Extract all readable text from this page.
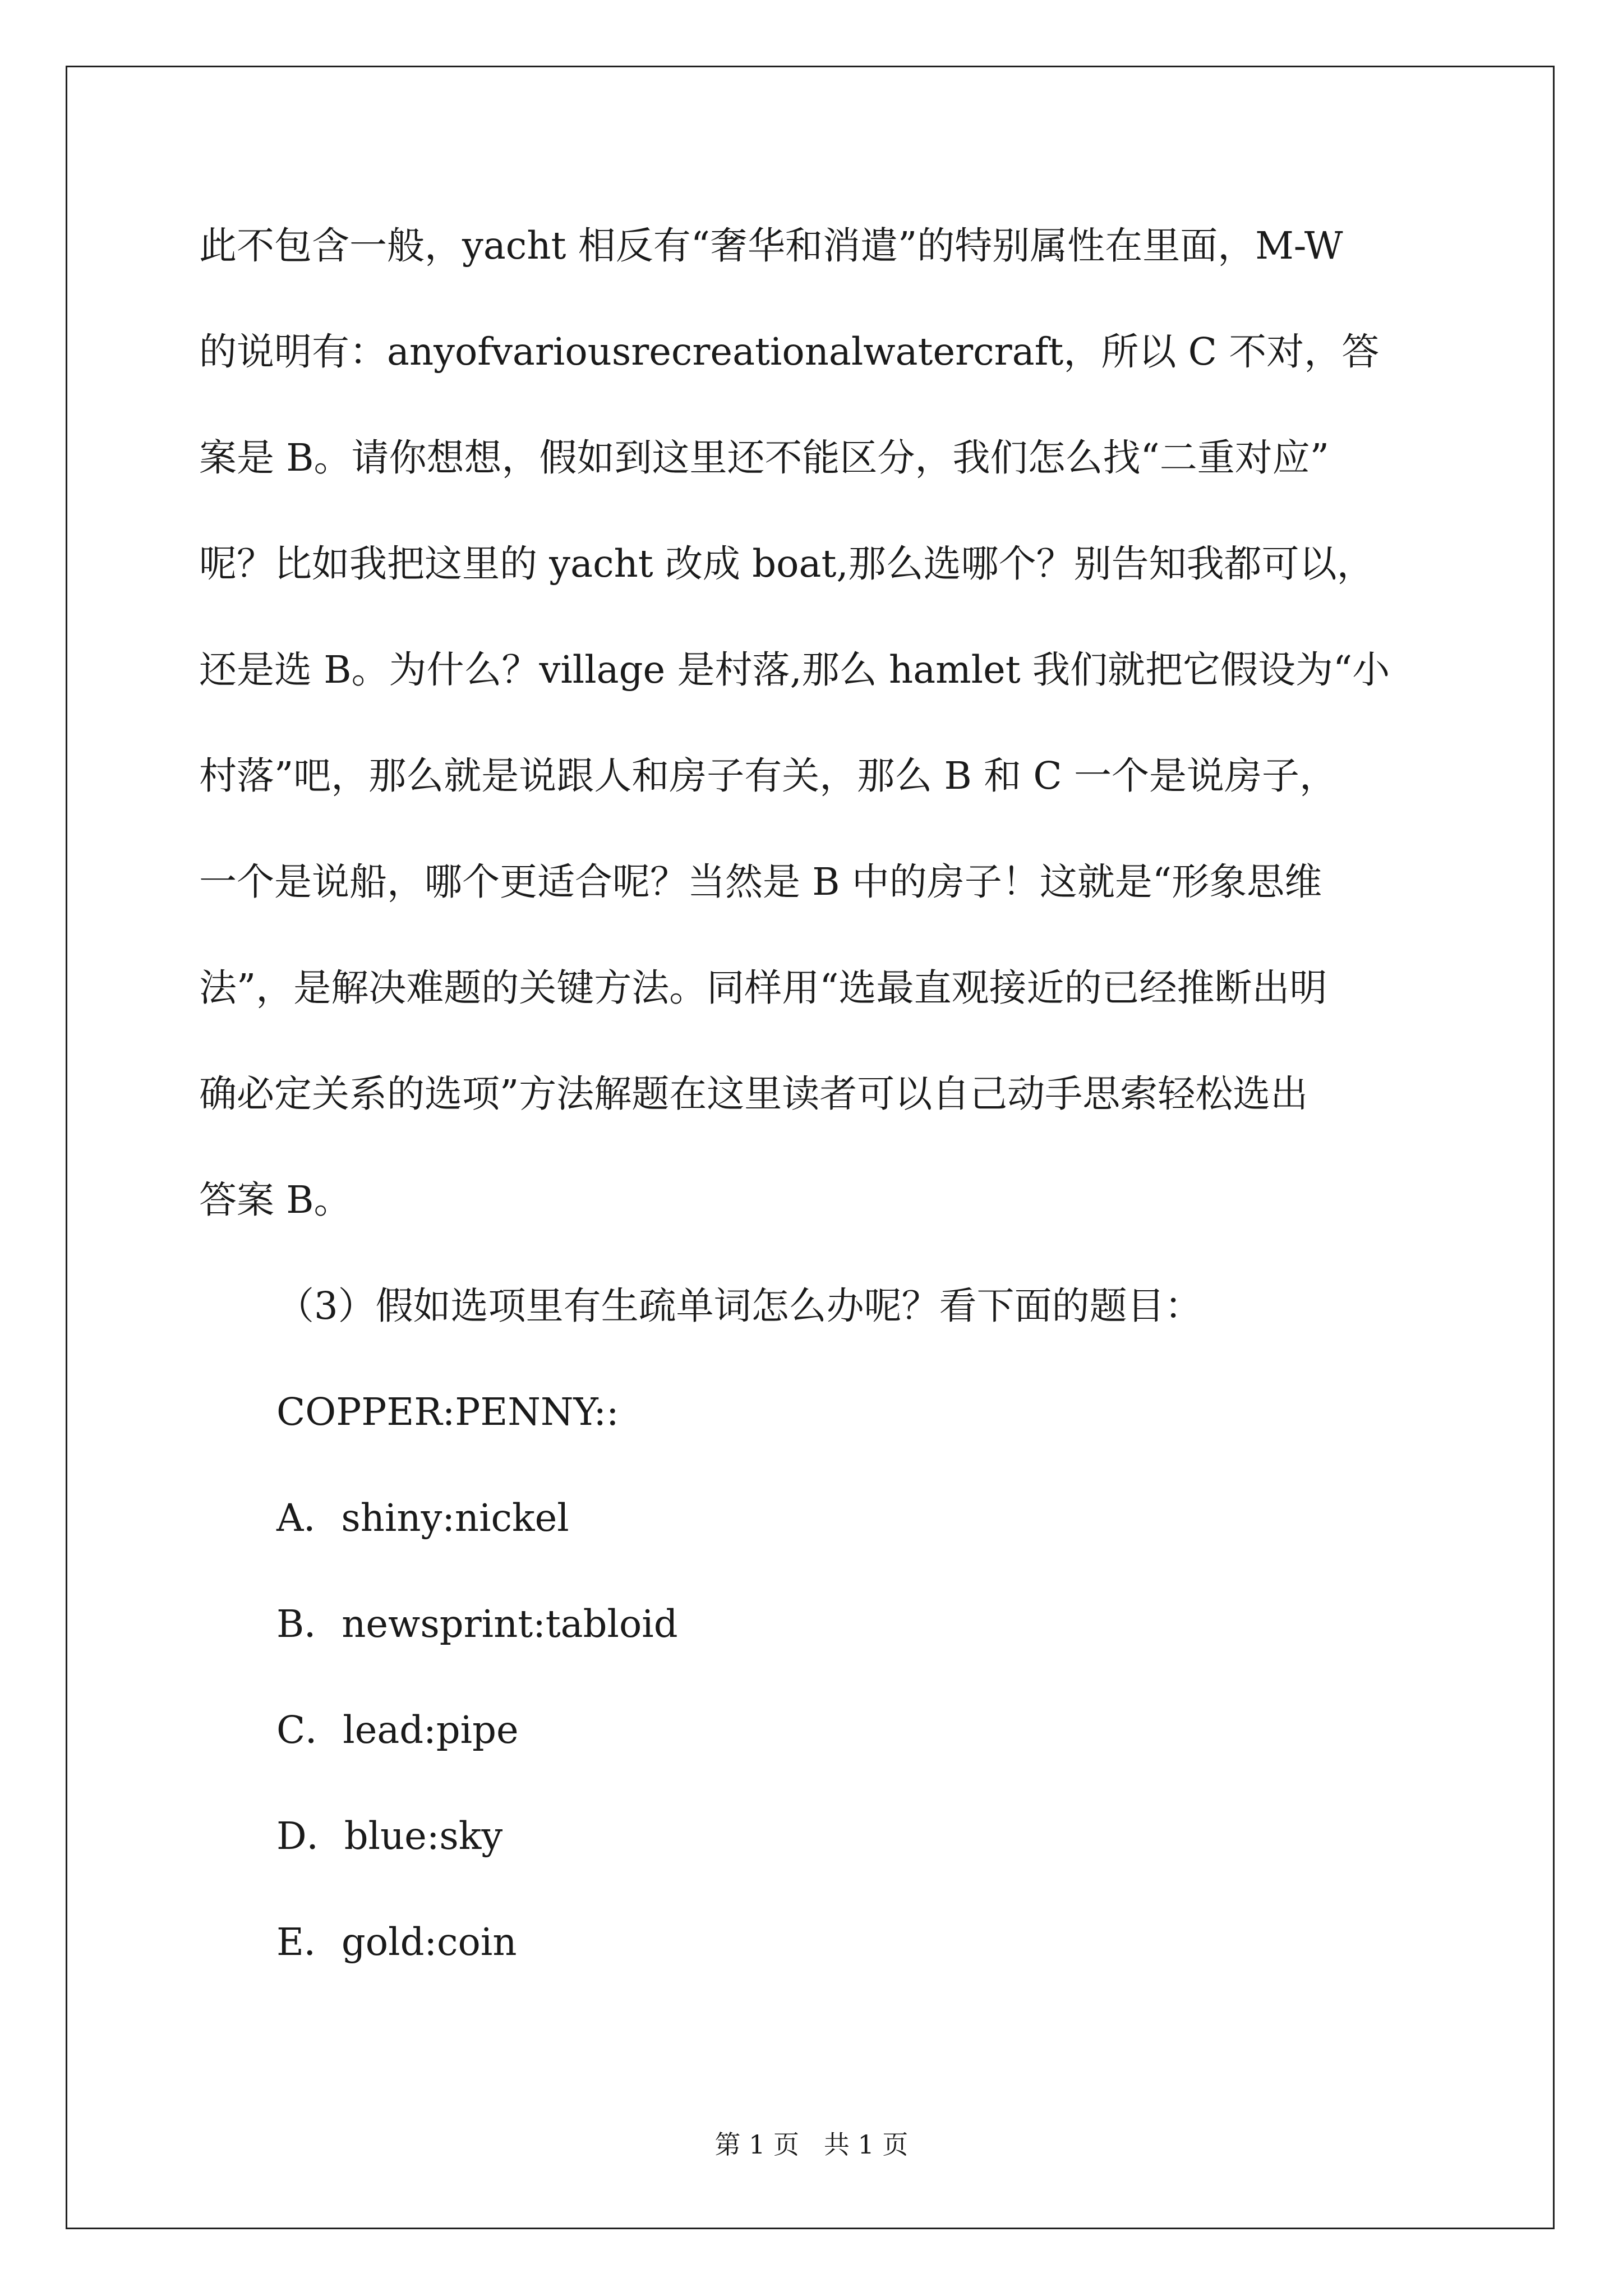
此不包含一般，yacht 相反有“奢华和消遣”的特别属性在里面，M-W
的说明有：anyofvariousrecreationalwatercraft，所以 C 不对，答
案是 B。请你想想，假如到这里还不能区分，我们怎么找“二重对应”
呢？比如我把这里的 yacht 改成 boat,那么选哪个？别告知我都可以，
还是选 B。为什么？village 是村落,那么 hamlet 我们就把它假设为“小
村落”吧，那么就是说跟人和房子有关，那么 B 和 C 一个是说房子，
一个是说船，哪个更适合呢？当然是 B 中的房子！这就是“形象思维
法”，是解决难题的关键方法。同样用“选最直观接近的已经推断出明
确必定关系的选项”方法解题在这里读者可以自己动手思索轻松选出
答案 B。
（3）假如选项里有生疏单词怎么办呢？看下面的题目：
COPPER:PENNY::
A．shiny:nickel
B．newsprint:tabloid
C．lead:pipe
D．blue:sky
E．gold:coin
第 1 页   共 1 页
